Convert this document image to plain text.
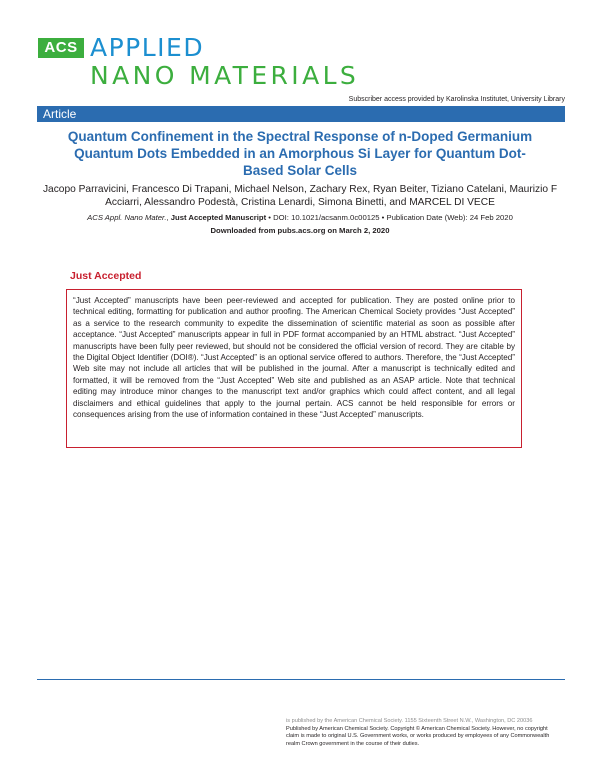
ACS APPLIED
NANO MATERIALS
Subscriber access provided by Karolinska Institutet, University Library
Article
Quantum Confinement in the Spectral Response of n-Doped Germanium Quantum Dots Embedded in an Amorphous Si Layer for Quantum Dot-Based Solar Cells
Jacopo Parravicini, Francesco Di Trapani, Michael Nelson, Zachary Rex, Ryan Beiter, Tiziano Catelani, Maurizio F Acciarri, Alessandro Podestà, Cristina Lenardi, Simona Binetti, and MARCEL DI VECE
ACS Appl. Nano Mater., Just Accepted Manuscript • DOI: 10.1021/acsanm.0c00125 • Publication Date (Web): 24 Feb 2020
Downloaded from pubs.acs.org on March 2, 2020
Just Accepted

“Just Accepted” manuscripts have been peer-reviewed and accepted for publication. They are posted online prior to technical editing, formatting for publication and author proofing. The American Chemical Society provides “Just Accepted” as a service to the research community to expedite the dissemination of scientific material as soon as possible after acceptance. “Just Accepted” manuscripts appear in full in PDF format accompanied by an HTML abstract. “Just Accepted” manuscripts have been fully peer reviewed, but should not be considered the official version of record. They are citable by the Digital Object Identifier (DOI®). “Just Accepted” is an optional service offered to authors. Therefore, the “Just Accepted” Web site may not include all articles that will be published in the journal. After a manuscript is technically edited and formatted, it will be removed from the “Just Accepted” Web site and published as an ASAP article. Note that technical editing may introduce minor changes to the manuscript text and/or graphics which could affect content, and all legal disclaimers and ethical guidelines that apply to the journal pertain. ACS cannot be held responsible for errors or consequences arising from the use of information contained in these “Just Accepted” manuscripts.

is published by the American Chemical Society. 1155 Sixteenth Street N.W., Washington, DC 20036
Published by American Chemical Society. Copyright © American Chemical Society. However, no copyright claim is made to original U.S. Government works, or works produced by employees of any Commonwealth realm Crown government in the course of their duties.
